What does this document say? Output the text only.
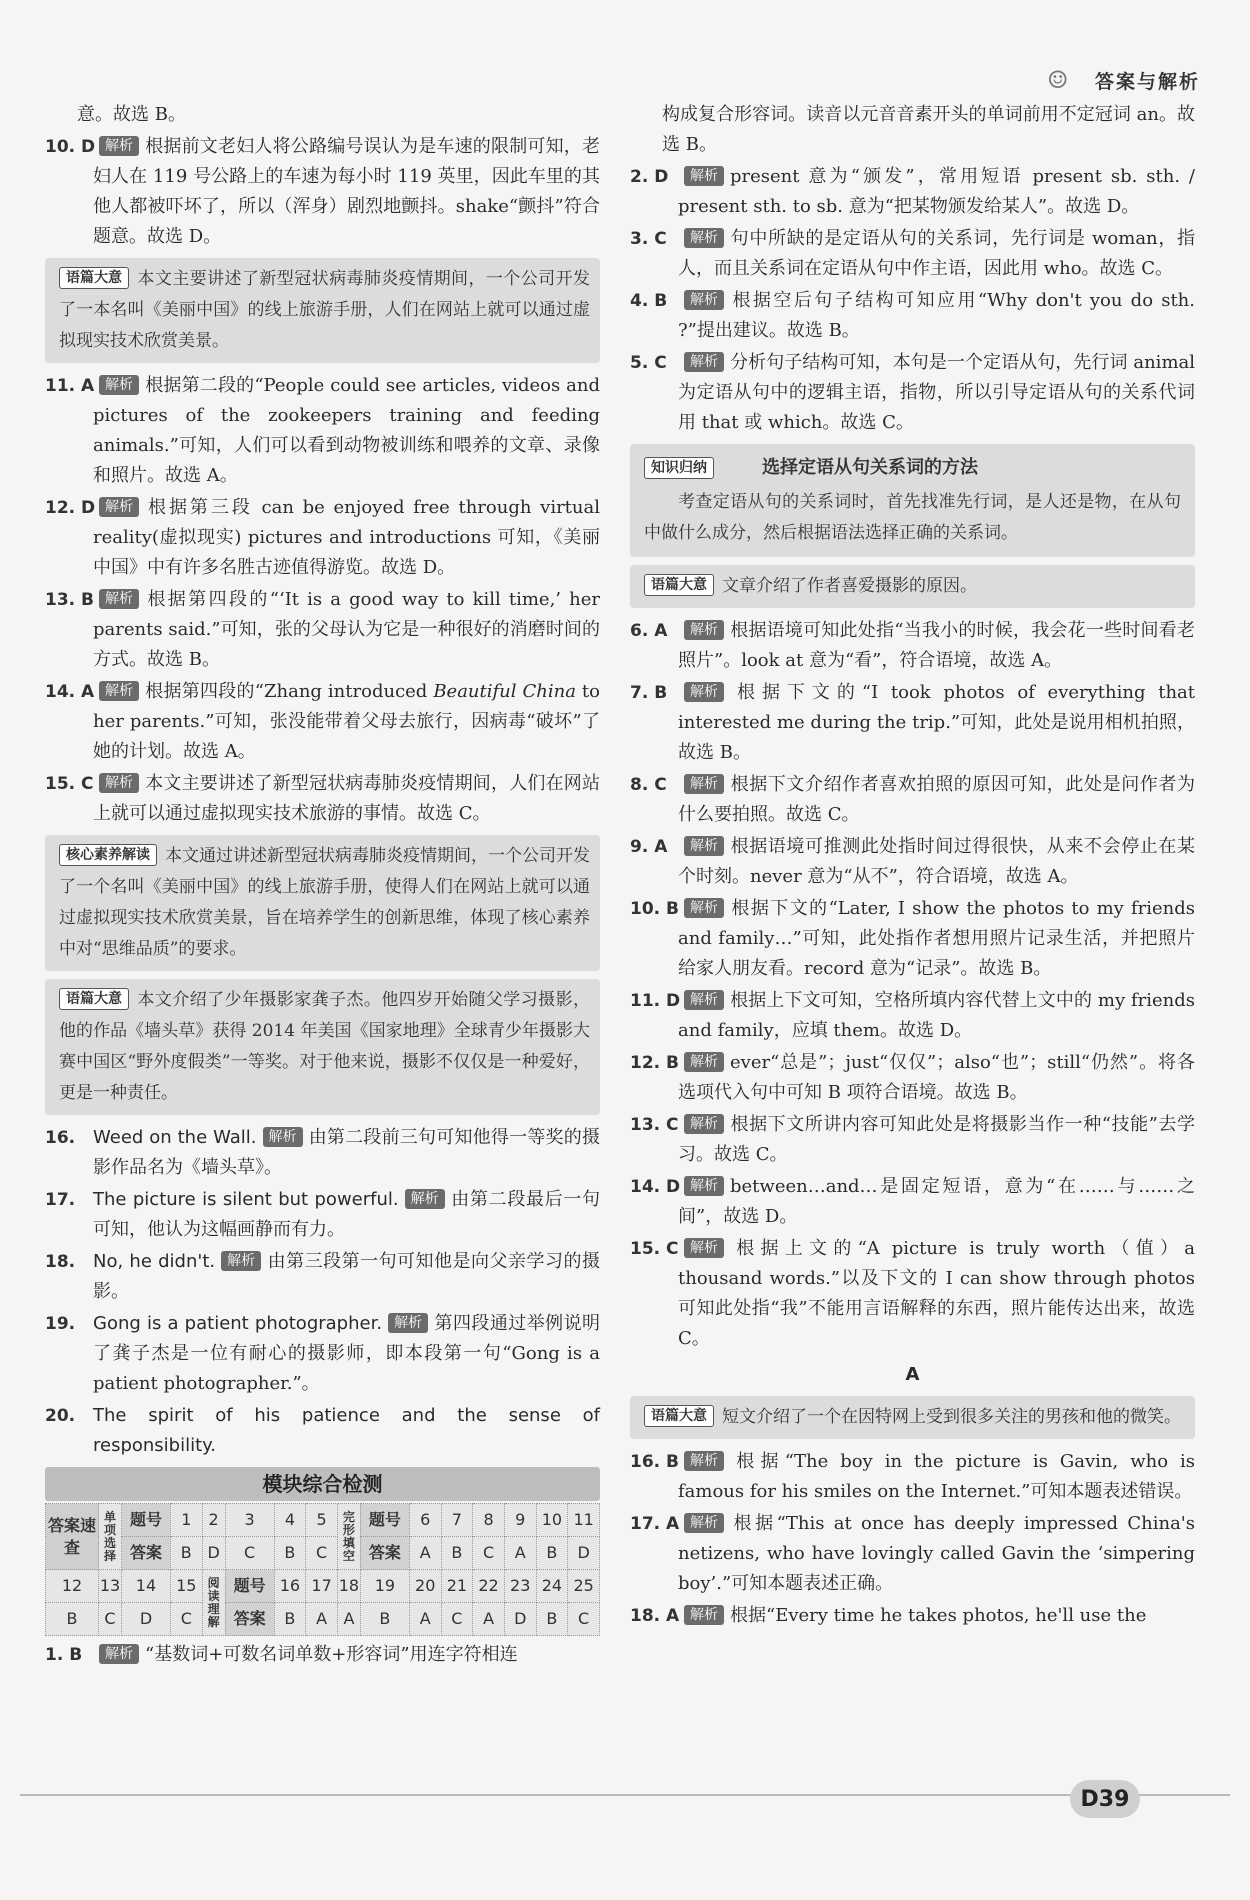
☺	答案与解析
意。故选 B。
10. D 解析 根据前文老妇人将公路编号误认为是车速的限制可知，老妇人在 119 号公路上的车速为每小时 119 英里，因此车里的其他人都被吓坏了，所以（浑身）剧烈地颤抖。shake“颤抖”符合题意。故选 D。
语篇大意 本文主要讲述了新型冠状病毒肺炎疫情期间，一个公司开发了一本名叫《美丽中国》的线上旅游手册，人们在网站上就可以通过虚拟现实技术欣赏美景。
11. A 解析 根据第二段的“People could see articles, videos and pictures of the zookeepers training and feeding animals.”可知，人们可以看到动物被训练和喂养的文章、录像和照片。故选 A。
12. D 解析 根据第三段 can be enjoyed free through virtual reality(虚拟现实) pictures and introductions 可知，《美丽中国》中有许多名胜古迹值得游览。故选 D。
13. B 解析 根据第四段的“‘It is a good way to kill time,’ her parents said.”可知，张的父母认为它是一种很好的消磨时间的方式。故选 B。
14. A 解析 根据第四段的“Zhang introduced Beautiful China to her parents.”可知，张没能带着父母去旅行，因病毒“破坏”了她的计划。故选 A。
15. C 解析 本文主要讲述了新型冠状病毒肺炎疫情期间，人们在网站上就可以通过虚拟现实技术旅游的事情。故选 C。
核心素养解读 本文通过讲述新型冠状病毒肺炎疫情期间，一个公司开发了一个名叫《美丽中国》的线上旅游手册，使得人们在网站上就可以通过虚拟现实技术欣赏美景，旨在培养学生的创新思维，体现了核心素养中对“思维品质”的要求。
语篇大意 本文介绍了少年摄影家龚子杰。他四岁开始随父学习摄影，他的作品《墙头草》获得 2014 年美国《国家地理》全球青少年摄影大赛中国区“野外度假类”一等奖。对于他来说，摄影不仅仅是一种爱好，更是一种责任。
16. Weed on the Wall. 解析 由第二段前三句可知他得一等奖的摄影作品名为《墙头草》。
17. The picture is silent but powerful. 解析 由第二段最后一句可知，他认为这幅画静而有力。
18. No, he didn't. 解析 由第三段第一句可知他是向父亲学习的摄影。
19. Gong is a patient photographer. 解析 第四段通过举例说明了龚子杰是一位有耐心的摄影师，即本段第一句“Gong is a patient photographer.”。
20. The spirit of his patience and the sense of responsibility.
模块综合检测
答案速查	单项选择	题号	1	2	3	4	5	完形填空	题号	6	7	8	9	10	11
		答案	B	D	C	B	C		答案	A	B	C	A	B	D
12	13	14	15	阅读理解	题号	16	17	18	19	20	21	22	23	24	25
B	C	D	C		答案	B	A	A	B	A	C	A	D	B	C
1. B 解析 “基数词+可数名词单数+形容词”用连字符相连
构成复合形容词。读音以元音音素开头的单词前用不定冠词 an。故选 B。
2. D 解析 present 意为“颁发”，常用短语 present sb. sth. / present sth. to sb. 意为“把某物颁发给某人”。故选 D。
3. C 解析 句中所缺的是定语从句的关系词，先行词是 woman，指人，而且关系词在定语从句中作主语，因此用 who。故选 C。
4. B 解析 根据空后句子结构可知应用“Why don't you do sth. ?”提出建议。故选 B。
5. C 解析 分析句子结构可知，本句是一个定语从句，先行词 animal 为定语从句中的逻辑主语，指物，所以引导定语从句的关系代词用 that 或 which。故选 C。
知识归纳	选择定语从句关系词的方法
考查定语从句的关系词时，首先找准先行词，是人还是物，在从句中做什么成分，然后根据语法选择正确的关系词。
语篇大意 文章介绍了作者喜爱摄影的原因。
6. A 解析 根据语境可知此处指“当我小的时候，我会花一些时间看老照片”。look at 意为“看”，符合语境，故选 A。
7. B 解析 根据下文的“I took photos of everything that interested me during the trip.”可知，此处是说用相机拍照，故选 B。
8. C 解析 根据下文介绍作者喜欢拍照的原因可知，此处是问作者为什么要拍照。故选 C。
9. A 解析 根据语境可推测此处指时间过得很快，从来不会停止在某个时刻。never 意为“从不”，符合语境，故选 A。
10. B 解析 根据下文的“Later, I show the photos to my friends and family…”可知，此处指作者想用照片记录生活，并把照片给家人朋友看。record 意为“记录”。故选 B。
11. D 解析 根据上下文可知，空格所填内容代替上文中的 my friends and family，应填 them。故选 D。
12. B 解析 ever“总是”；just“仅仅”；also“也”；still“仍然”。将各选项代入句中可知 B 项符合语境。故选 B。
13. C 解析 根据下文所讲内容可知此处是将摄影当作一种“技能”去学习。故选 C。
14. D 解析 between…and…是固定短语，意为“在……与……之间”，故选 D。
15. C 解析 根据上文的“A picture is truly worth（值）a thousand words.”以及下文的 I can show through photos 可知此处指“我”不能用言语解释的东西，照片能传达出来，故选 C。
A
语篇大意 短文介绍了一个在因特网上受到很多关注的男孩和他的微笑。
16. B 解析 根据“The boy in the picture is Gavin, who is famous for his smiles on the Internet.”可知本题表述错误。
17. A 解析 根据“This at once has deeply impressed China's netizens, who have lovingly called Gavin the ‘simpering boy’.”可知本题表述正确。
18. A 解析 根据“Every time he takes photos, he'll use the
D39
